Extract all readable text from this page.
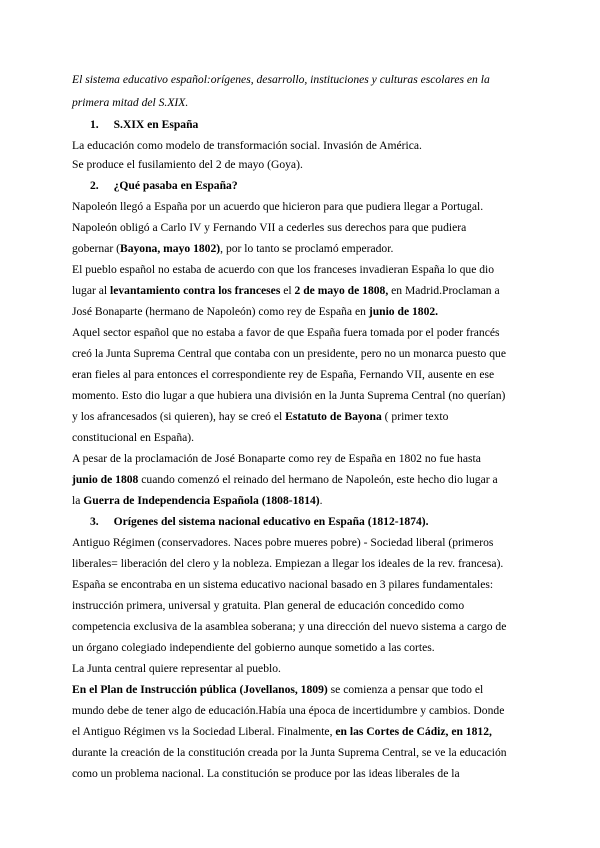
El sistema educativo español:orígenes, desarrollo, instituciones y culturas escolares en la
primera mitad del S.XIX.
1. S.XIX en España
La educación como modelo de transformación social. Invasión de América.
Se produce el fusilamiento del 2 de mayo (Goya).
2. ¿Qué pasaba en España?
Napoleón llegó a España por un acuerdo que hicieron para que pudiera llegar a Portugal.
Napoleón obligó a Carlo IV y Fernando VII a cederles sus derechos para que pudiera
gobernar (Bayona, mayo 1802), por lo tanto se proclamó emperador.
El pueblo español no estaba de acuerdo con que los franceses invadieran España lo que dio
lugar al levantamiento contra los franceses el 2 de mayo de 1808, en Madrid.Proclaman a
José Bonaparte (hermano de Napoleón) como rey de España en junio de 1802.
Aquel sector español que no estaba a favor de que España fuera tomada por el poder francés
creó la Junta Suprema Central que contaba con un presidente, pero no un monarca puesto que
eran fieles al para entonces el correspondiente rey de España, Fernando VII, ausente en ese
momento. Esto dio lugar a que hubiera una división en la Junta Suprema Central (no querían)
y los afrancesados (si quieren), hay se creó el Estatuto de Bayona ( primer texto
constitucional en España).
A pesar de la proclamación de José Bonaparte como rey de España en 1802 no fue hasta
junio de 1808 cuando comenzó el reinado del hermano de Napoleón, este hecho dio lugar a
la Guerra de Independencia Española (1808-1814).
3. Orígenes del sistema nacional educativo en España (1812-1874).
Antiguo Régimen (conservadores. Naces pobre mueres pobre) - Sociedad liberal (primeros
liberales= liberación del clero y la nobleza. Empiezan a llegar los ideales de la rev. francesa).
España se encontraba en un sistema educativo nacional basado en 3 pilares fundamentales:
instrucción primera, universal y gratuita. Plan general de educación concedido como
competencia exclusiva de la asamblea soberana; y una dirección del nuevo sistema a cargo de
un órgano colegiado independiente del gobierno aunque sometido a las cortes.
La Junta central quiere representar al pueblo.
En el Plan de Instrucción pública (Jovellanos, 1809) se comienza a pensar que todo el
mundo debe de tener algo de educación.Había una época de incertidumbre y cambios. Donde
el Antiguo Régimen vs la Sociedad Liberal. Finalmente, en las Cortes de Cádiz, en 1812,
durante la creación de la constitución creada por la Junta Suprema Central, se ve la educación
como un problema nacional. La constitución se produce por las ideas liberales de la
